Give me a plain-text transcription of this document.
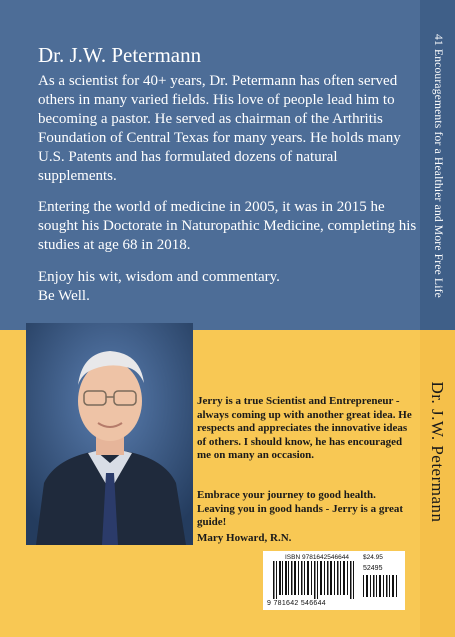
41 Encouragements for a Healthier and More Free Life
Dr. J.W. Petermann
Dr. J.W. Petermann

As a scientist for 40+ years, Dr. Petermann has often served others in many varied fields. His love of people lead him to becoming a pastor. He served as chairman of the Arthritis Foundation of Central Texas for many years. He holds many U.S. Patents and has formulated dozens of natural supplements.

Entering the world of medicine in 2005, it was in 2015 he sought his Doctorate in Naturopathic Medicine, completing his studies at age 68 in 2018.

Enjoy his wit, wisdom and commentary.
Be Well.

Jerry is a true Scientist and Entrepreneur - always coming up with another great idea. He respects and appreciates the innovative ideas of others. I should know, he has encouraged me on many an occasion.

Embrace your journey to good health. Leaving you in good hands - Jerry is a great guide!

Mary Howard, R.N.
ISBN 9781642546644 $24.95
52495
9 781642 546644
